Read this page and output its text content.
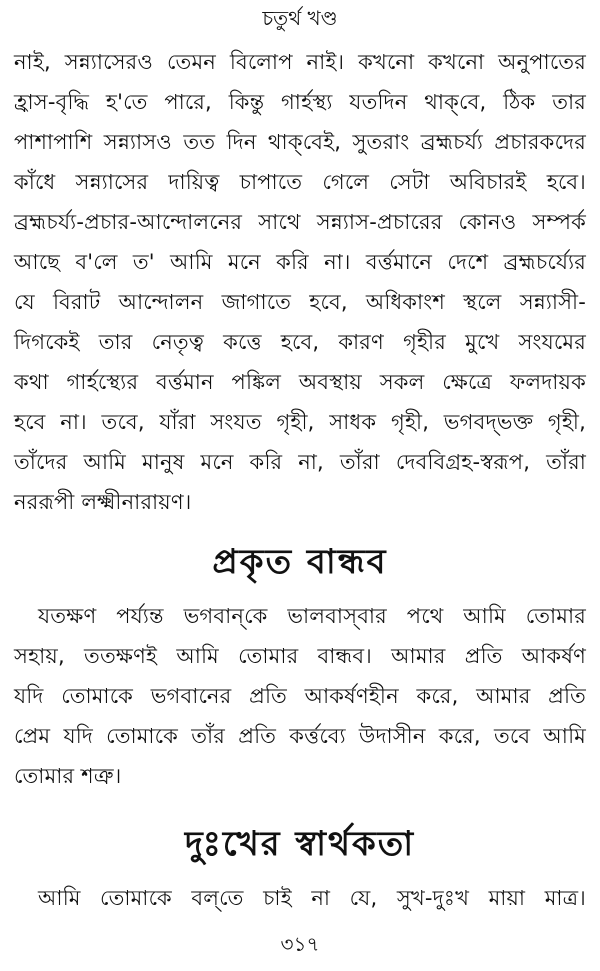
চতুর্থ খণ্ড
নাই, সন্ন্যাসেরও তেমন বিলোপ নাই। কখনো কখনো অনুপাতের
হ্রাস-বৃদ্ধি হ'তে পারে, কিন্তু গার্হস্থ্য যতদিন থাক্‌বে, ঠিক তার
পাশাপাশি সন্ন্যাসও তত দিন থাক্‌বেই, সুতরাং ব্রহ্মচর্য্য প্রচারকদের
কাঁধে সন্ন্যাসের দায়িত্ব চাপাতে গেলে সেটা অবিচারই হবে।
ব্রহ্মচর্য্য-প্রচার-আন্দোলনের সাথে সন্ন্যাস-প্রচারের কোনও সম্পর্ক
আছে ব'লে ত' আমি মনে করি না। বর্ত্তমানে দেশে ব্রহ্মচর্য্যের
যে বিরাট আন্দোলন জাগাতে হবে, অধিকাংশ স্থলে সন্ন্যাসী-
দিগকেই তার নেতৃত্ব কত্তে হবে, কারণ গৃহীর মুখে সংযমের
কথা গার্হস্থ্যের বর্ত্তমান পঙ্কিল অবস্থায় সকল ক্ষেত্রে ফলদায়ক
হবে না। তবে, যাঁরা সংযত গৃহী, সাধক গৃহী, ভগবদ্‌ভক্ত গৃহী,
তাঁদের আমি মানুষ মনে করি না, তাঁরা দেববিগ্রহ-স্বরূপ, তাঁরা
নররূপী লক্ষ্মীনারায়ণ।
প্রকৃত বান্ধব
যতক্ষণ পর্য্যন্ত ভগবান্‌কে ভালবাস্‌বার পথে আমি তোমার
সহায়, ততক্ষণই আমি তোমার বান্ধব। আমার প্রতি আকর্ষণ
যদি তোমাকে ভগবানের প্রতি আকর্ষণহীন করে, আমার প্রতি
প্রেম যদি তোমাকে তাঁর প্রতি কর্ত্তব্যে উদাসীন করে, তবে আমি
তোমার শত্রু।
দুঃখের স্বার্থকতা
আমি তোমাকে বল্‌তে চাই না যে, সুখ-দুঃখ মায়া মাত্র।
৩১৭
